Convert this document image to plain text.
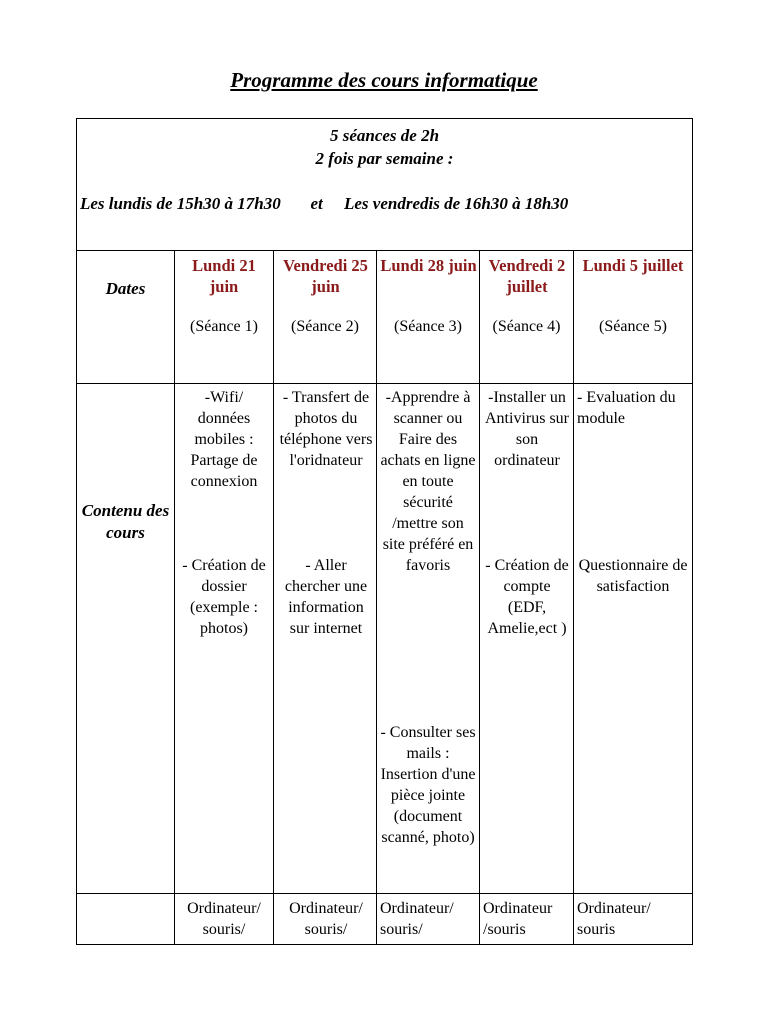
Programme des cours informatique
5 séances de 2h
2 fois par semaine :
Les lundis de 15h30 à 17h30       et     Les vendredis de 16h30 à 18h30
Dates
Contenu des cours
Lundi 21 juin
(Séance 1)
-Wifi/ données mobiles : Partage de connexion
- Création de dossier (exemple : photos)
Ordinateur/ souris/
Vendredi 25 juin
(Séance 2)
- Transfert de photos du téléphone vers l'oridnateur
- Aller chercher une information sur internet
Ordinateur/ souris/
Lundi 28 juin
(Séance 3)
-Apprendre à scanner ou Faire des achats en ligne en toute sécurité /mettre son site préféré en favoris
- Consulter ses mails : Insertion d'une pièce jointe (document scanné, photo)
Ordinateur/ souris/
Vendredi 2 juillet
(Séance 4)
-Installer un Antivirus sur son ordinateur
- Création de compte (EDF, Amelie,ect )
Ordinateur /souris
Lundi 5 juillet
(Séance 5)
- Evaluation du module
Questionnaire de satisfaction
Ordinateur/ souris
